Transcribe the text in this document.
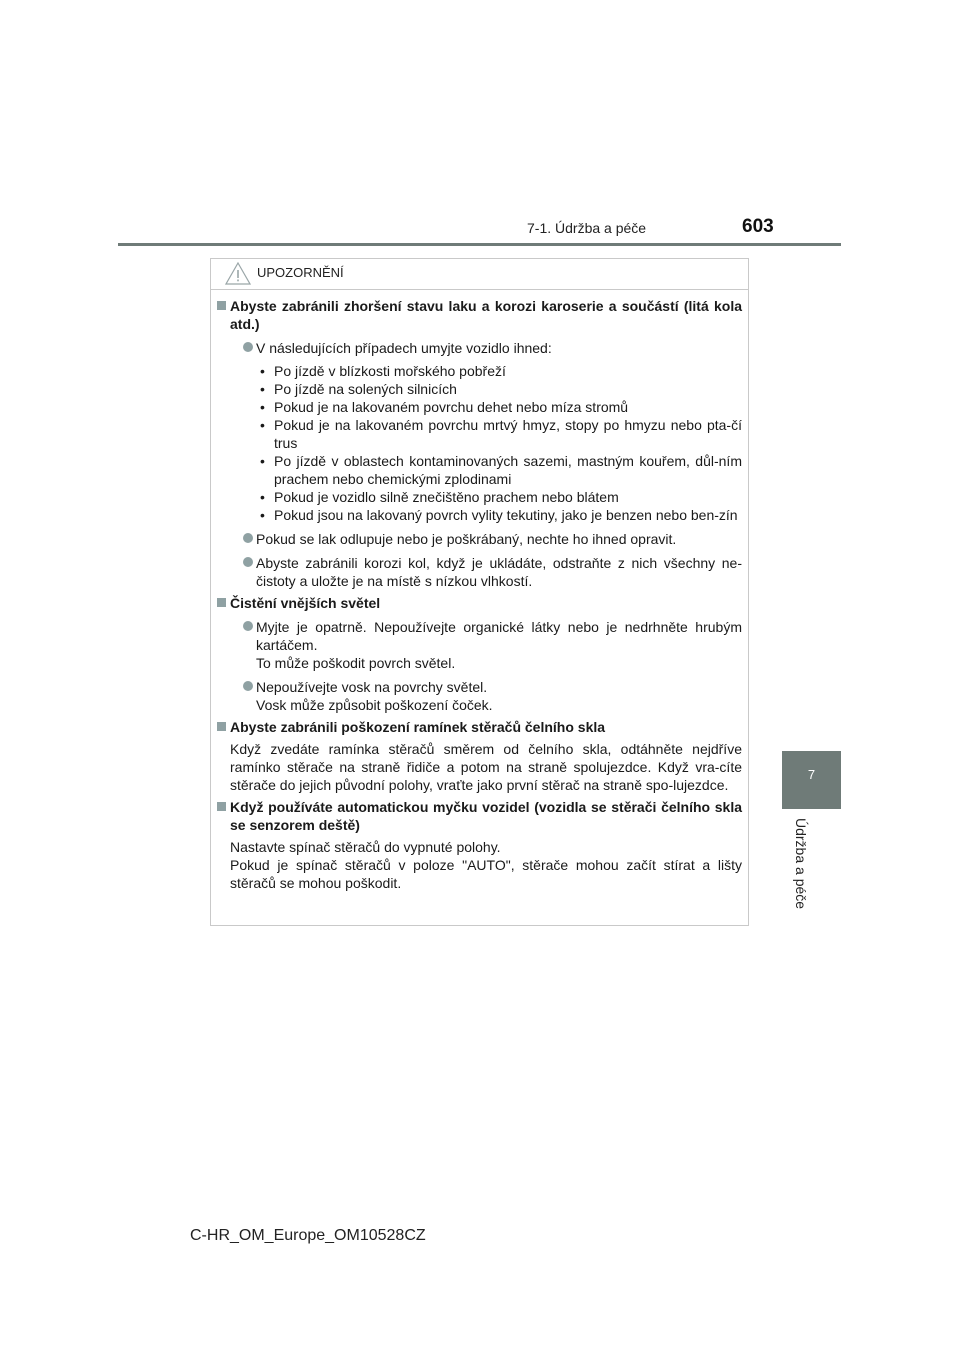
7-1. Údržba a péče	603
7
Údržba a péče
UPOZORNĚNÍ
Abyste zabránili zhoršení stavu laku a korozi karoserie a součástí (litá kola atd.)
V následujících případech umyjte vozidlo ihned:
• Po jízdě v blízkosti mořského pobřeží
• Po jízdě na solených silnicích
• Pokud je na lakovaném povrchu dehet nebo míza stromů
• Pokud je na lakovaném povrchu mrtvý hmyz, stopy po hmyzu nebo pta-čí trus
• Po jízdě v oblastech kontaminovaných sazemi, mastným kouřem, důl-ním prachem nebo chemickými zplodinami
• Pokud je vozidlo silně znečištěno prachem nebo blátem
• Pokud jsou na lakovaný povrch vylity tekutiny, jako je benzen nebo ben-zín
Pokud se lak odlupuje nebo je poškrábaný, nechte ho ihned opravit.
Abyste zabránili korozi kol, když je ukládáte, odstraňte z nich všechny ne-čistoty a uložte je na místě s nízkou vlhkostí.
Čistění vnějších světel
Myjte je opatrně. Nepoužívejte organické látky nebo je nedrhněte hrubým kartáčem.
To může poškodit povrch světel.
Nepoužívejte vosk na povrchy světel.
Vosk může způsobit poškození čoček.
Abyste zabránili poškození ramínek stěračů čelního skla
Když zvedáte ramínka stěračů směrem od čelního skla, odtáhněte nejdříve ramínko stěrače na straně řidiče a potom na straně spolujezdce. Když vra-cíte stěrače do jejich původní polohy, vraťte jako první stěrač na straně spo-lujezdce.
Když používáte automatickou myčku vozidel (vozidla se stěrači čelního skla se senzorem deště)
Nastavte spínač stěračů do vypnuté polohy.
Pokud je spínač stěračů v poloze "AUTO", stěrače mohou začít stírat a lišty stěračů se mohou poškodit.
C-HR_OM_Europe_OM10528CZ
